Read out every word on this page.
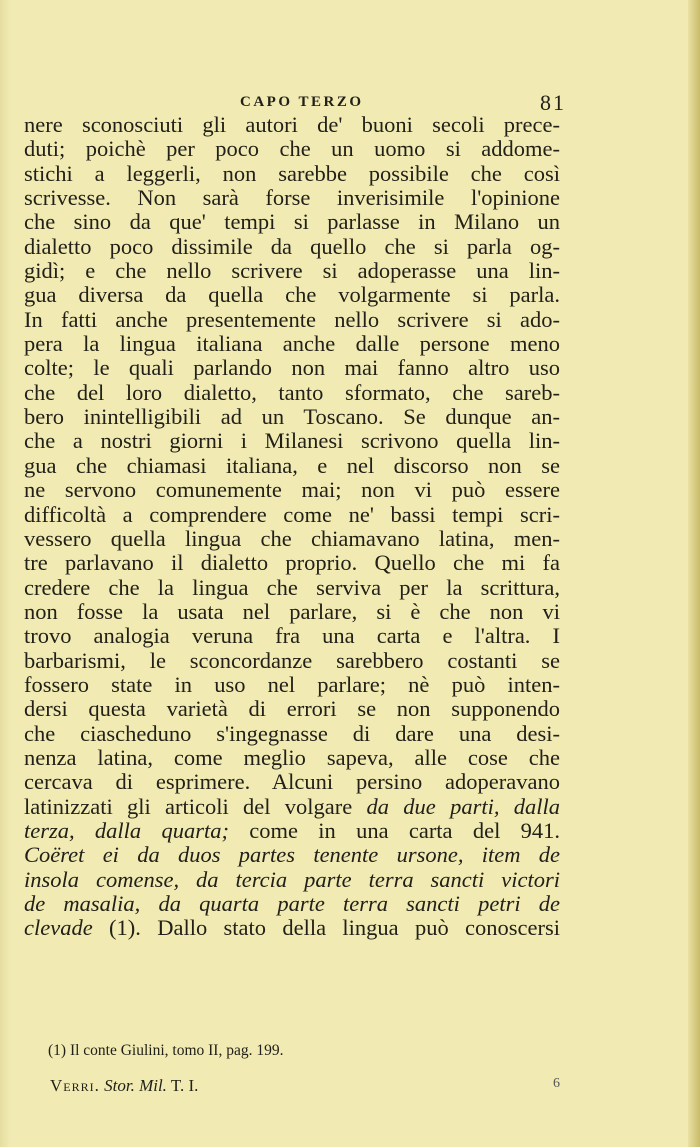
CAPO TERZO	81
nere sconosciuti gli autori de' buoni secoli prece-
duti; poichè per poco che un uomo si addome-
stichi a leggerli, non sarebbe possibile che così
scrivesse. Non sarà forse inverisimile l'opinione
che sino da que' tempi si parlasse in Milano un
dialetto poco dissimile da quello che si parla og-
gidì; e che nello scrivere si adoperasse una lin-
gua diversa da quella che volgarmente si parla.
In fatti anche presentemente nello scrivere si ado-
pera la lingua italiana anche dalle persone meno
colte; le quali parlando non mai fanno altro uso
che del loro dialetto, tanto sformato, che sareb-
bero inintelligibili ad un Toscano. Se dunque an-
che a nostri giorni i Milanesi scrivono quella lin-
gua che chiamasi italiana, e nel discorso non se
ne servono comunemente mai; non vi può essere
difficoltà a comprendere come ne' bassi tempi scri-
vessero quella lingua che chiamavano latina, men-
tre parlavano il dialetto proprio. Quello che mi fa
credere che la lingua che serviva per la scrittura,
non fosse la usata nel parlare, si è che non vi
trovo analogia veruna fra una carta e l'altra. I
barbarismi, le sconcordanze sarebbero costanti se
fossero state in uso nel parlare; nè può inten-
dersi questa varietà di errori se non supponendo
che ciascheduno s'ingegnasse di dare una desi-
nenza latina, come meglio sapeva, alle cose che
cercava di esprimere. Alcuni persino adoperavano
latinizzati gli articoli del volgare da due parti, dalla
terza, dalla quarta; come in una carta del 941.
Coëret ei da duos partes tenente ursone, item de
insola comense, da tercia parte terra sancti victori
de masalia, da quarta parte terra sancti petri de
clevade (1). Dallo stato della lingua può conoscersi
(1) Il conte Giulini, tomo II, pag. 199.
Verri. Stor. Mil. T. I.	6
